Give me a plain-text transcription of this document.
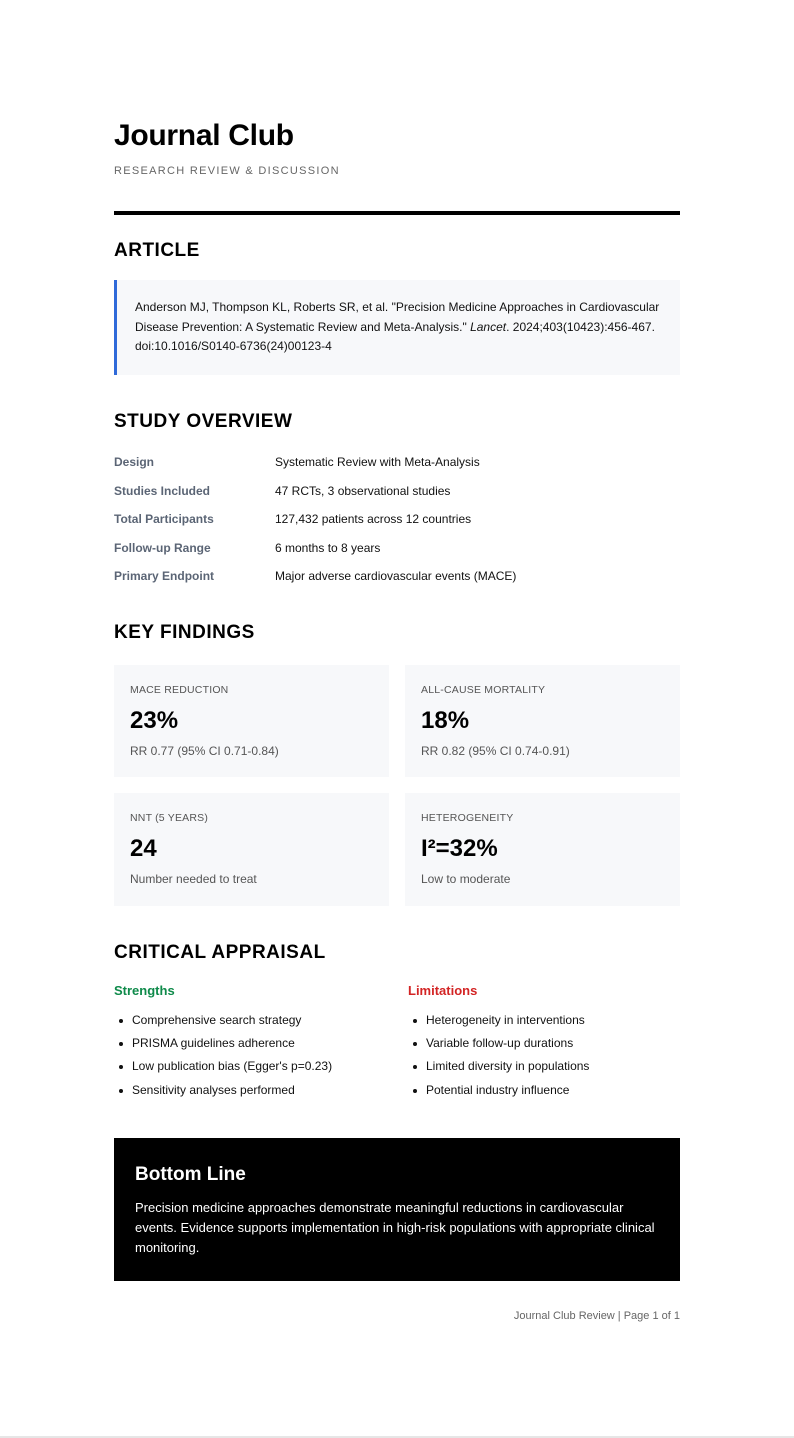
Journal Club
RESEARCH REVIEW & DISCUSSION
ARTICLE
Anderson MJ, Thompson KL, Roberts SR, et al. "Precision Medicine Approaches in Cardiovascular Disease Prevention: A Systematic Review and Meta-Analysis." Lancet. 2024;403(10423):456-467. doi:10.1016/S0140-6736(24)00123-4
STUDY OVERVIEW
Design	Systematic Review with Meta-Analysis
Studies Included	47 RCTs, 3 observational studies
Total Participants	127,432 patients across 12 countries
Follow-up Range	6 months to 8 years
Primary Endpoint	Major adverse cardiovascular events (MACE)
KEY FINDINGS
MACE REDUCTION
23%
RR 0.77 (95% CI 0.71-0.84)
ALL-CAUSE MORTALITY
18%
RR 0.82 (95% CI 0.74-0.91)
NNT (5 YEARS)
24
Number needed to treat
HETEROGENEITY
I²=32%
Low to moderate
CRITICAL APPRAISAL
Strengths
Comprehensive search strategy
PRISMA guidelines adherence
Low publication bias (Egger's p=0.23)
Sensitivity analyses performed
Limitations
Heterogeneity in interventions
Variable follow-up durations
Limited diversity in populations
Potential industry influence
Bottom Line

Precision medicine approaches demonstrate meaningful reductions in cardiovascular events. Evidence supports implementation in high-risk populations with appropriate clinical monitoring.

Journal Club Review | Page 1 of 1
